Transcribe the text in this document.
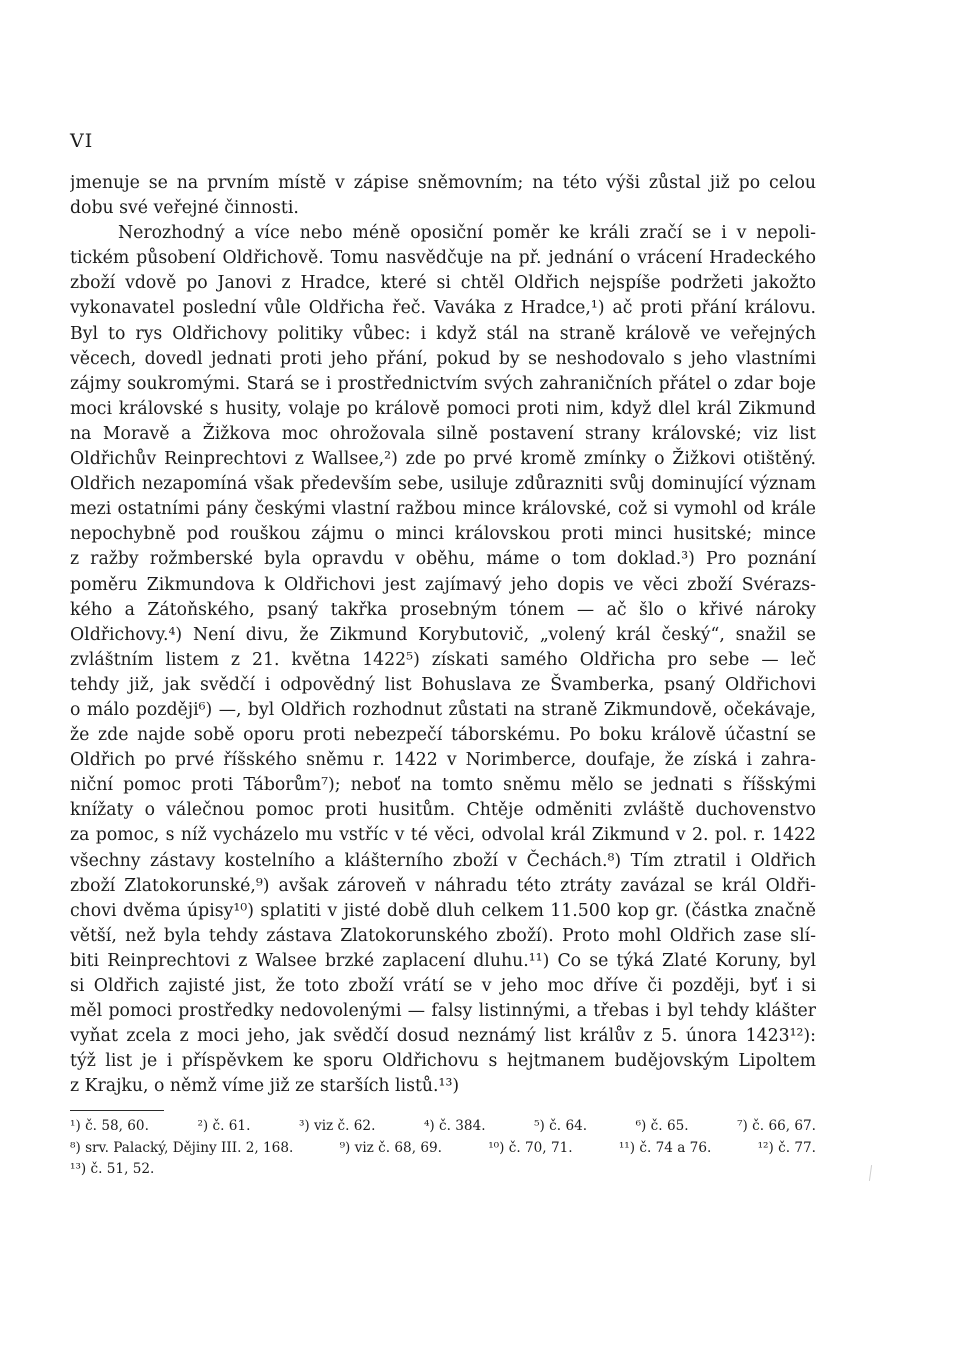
VI
jmenuje se na prvním místě v zápise sněmovním; na této výši zůstal již po celou
dobu své veřejné činnosti.
Nerozhodný a více nebo méně oposiční poměr ke králi zračí se i v nepoli-
tickém působení Oldřichově. Tomu nasvědčuje na př. jednání o vrácení Hradeckého
zboží vdově po Janovi z Hradce, které si chtěl Oldřich nejspíše podržeti jakožto
vykonavatel poslední vůle Oldřicha řeč. Vaváka z Hradce,¹) ač proti přání královu.
Byl to rys Oldřichovy politiky vůbec: i když stál na straně králově ve veřejných
věcech, dovedl jednati proti jeho přání, pokud by se neshodovalo s jeho vlastními
zájmy soukromými. Stará se i prostřednictvím svých zahraničních přátel o zdar boje
moci královské s husity, volaje po králově pomoci proti nim, když dlel král Zikmund
na Moravě a Žižkova moc ohrožovala silně postavení strany královské; viz list
Oldřichův Reinprechtovi z Wallsee,²) zde po prvé kromě zmínky o Žižkovi otištěný.
Oldřich nezapomíná však především sebe, usiluje zdůrazniti svůj dominující význam
mezi ostatními pány českými vlastní ražbou mince královské, což si vymohl od krále
nepochybně pod rouškou zájmu o minci královskou proti minci husitské; mince
z ražby rožmberské byla opravdu v oběhu, máme o tom doklad.³) Pro poznání
poměru Zikmundova k Oldřichovi jest zajímavý jeho dopis ve věci zboží Svérazs-
kého a Zátoňského, psaný takřka prosebným tónem — ač šlo o křivé nároky
Oldřichovy.⁴) Není divu, že Zikmund Korybutovič, „volený král český“, snažil se
zvláštním listem z 21. května 1422⁵) získati samého Oldřicha pro sebe — leč
tehdy již, jak svědčí i odpovědný list Bohuslava ze Švamberka, psaný Oldřichovi
o málo později⁶) —, byl Oldřich rozhodnut zůstati na straně Zikmundově, očekávaje,
že zde najde sobě oporu proti nebezpečí táborskému. Po boku králově účastní se
Oldřich po prvé říšského sněmu r. 1422 v Norimberce, doufaje, že získá i zahra-
niční pomoc proti Táborům⁷); neboť na tomto sněmu mělo se jednati s říšskými
knížaty o válečnou pomoc proti husitům. Chtěje odměniti zvláště duchovenstvo
za pomoc, s níž vycházelo mu vstříc v té věci, odvolal král Zikmund v 2. pol. r. 1422
všechny zástavy kostelního a klášterního zboží v Čechách.⁸) Tím ztratil i Oldřich
zboží Zlatokorunské,⁹) avšak zároveň v náhradu této ztráty zavázal se král Oldři-
chovi dvěma úpisy¹⁰) splatiti v jisté době dluh celkem 11.500 kop gr. (částka značně
větší, než byla tehdy zástava Zlatokorunského zboží). Proto mohl Oldřich zase slí-
biti Reinprechtovi z Walsee brzké zaplacení dluhu.¹¹) Co se týká Zlaté Koruny, byl
si Oldřich zajisté jist, že toto zboží vrátí se v jeho moc dříve či později, byť i si
měl pomoci prostředky nedovolenými — falsy listinnými, a třebas i byl tehdy klášter
vyňat zcela z moci jeho, jak svědčí dosud neznámý list králův z 5. února 1423¹²):
týž list je i příspěvkem ke sporu Oldřichovu s hejtmanem budějovským Lipoltem
z Krajku, o němž víme již ze starších listů.¹³)
¹) č. 58, 60.	²) č. 61.	³) viz č. 62.	⁴) č. 384.	⁵) č. 64.	⁶) č. 65.	⁷) č. 66, 67.
⁸) srv. Palacký, Dějiny III. 2, 168.	⁹) viz č. 68, 69.	¹⁰) č. 70, 71.	¹¹) č. 74 a 76.	¹²) č. 77.
¹³) č. 51, 52.
